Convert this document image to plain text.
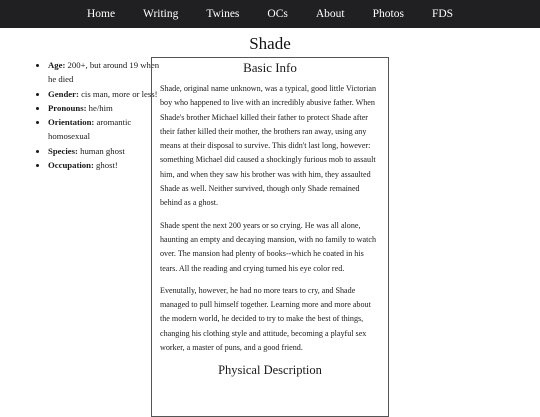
Home Writing Twines OCs About Photos FDS
Shade
• Age: 200+, but around 19 when he died
• Gender: cis man, more or less!
• Pronouns: he/him
• Orientation: aromantic homosexual
• Species: human ghost
• Occupation: ghost!
Basic Info

Shade, original name unknown, was a typical, good little Victorian boy who happened to live with an incredibly abusive father. When Shade's brother Michael killed their father to protect Shade after their father killed their mother, the brothers ran away, using any means at their disposal to survive. This didn't last long, however: something Michael did caused a shockingly furious mob to assault him, and when they saw his brother was with him, they assaulted Shade as well. Neither survived, though only Shade remained behind as a ghost.

Shade spent the next 200 years or so crying. He was all alone, haunting an empty and decaying mansion, with no family to watch over. The mansion had plenty of books--which he coated in his tears. All the reading and crying turned his eye color red.

Evenutally, however, he had no more tears to cry, and Shade managed to pull himself together. Learning more and more about the modern world, he decided to try to make the best of things, changing his clothing style and attitude, becoming a playful sex worker, a master of puns, and a good friend.

Physical Description
